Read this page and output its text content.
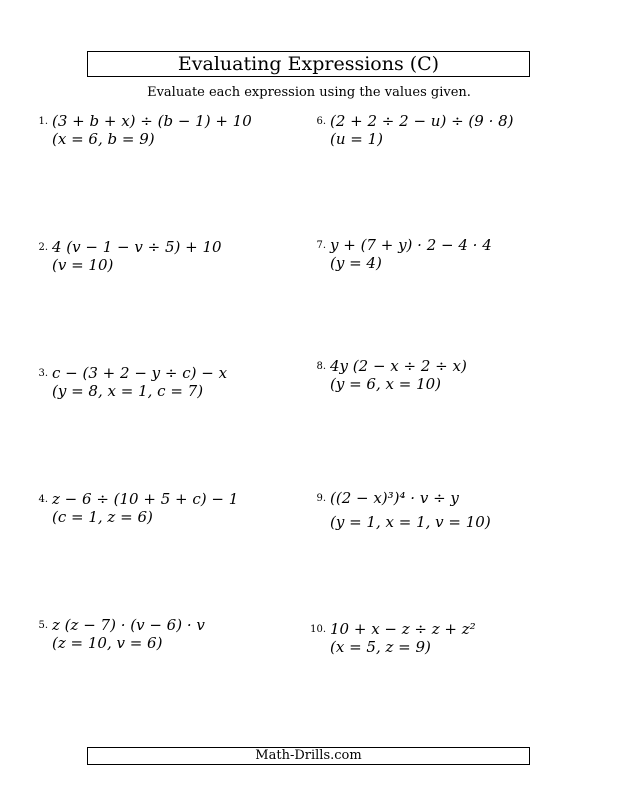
Evaluating Expressions (C)
Evaluate each expression using the values given.
1. (3 + b + x) ÷ (b − 1) + 10
(x = 6, b = 9)
2. 4 (v − 1 − v ÷ 5) + 10
(v = 10)
3. c − (3 + 2 − y ÷ c) − x
(y = 8, x = 1, c = 7)
4. z − 6 ÷ (10 + 5 + c) − 1
(c = 1, z = 6)
5. z (z − 7) · (v − 6) · v
(z = 10, v = 6)
6. (2 + 2 ÷ 2 − u) ÷ (9 · 8)
(u = 1)
7. y + (7 + y) · 2 − 4 · 4
(y = 4)
8. 4y (2 − x ÷ 2 ÷ x)
(y = 6, x = 10)
9. ((2 − x)³)⁴ · v ÷ y
(y = 1, x = 1, v = 10)
10. 10 + x − z ÷ z + z²
(x = 5, z = 9)
Math-Drills.com
